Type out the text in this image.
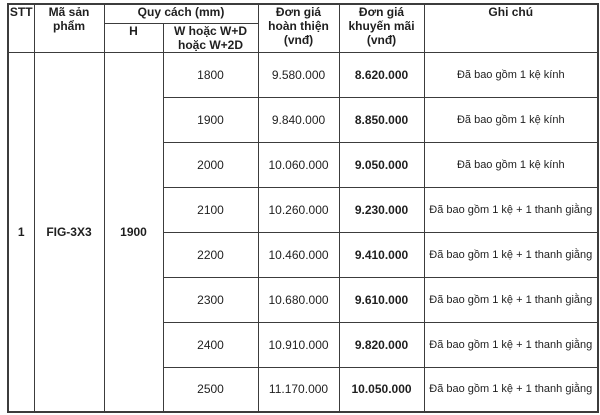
STT	Mã sản phẩm	Quy cách (mm)		Đơn giá hoàn thiện (vnđ)	Đơn giá khuyến mãi (vnđ)	Ghi chú
		H	W hoặc W+D hoặc W+2D			
1	FIG-3X3	1900	1800	9.580.000	8.620.000	Đã bao gồm 1 kệ kính
			1900	9.840.000	8.850.000	Đã bao gồm 1 kệ kính
			2000	10.060.000	9.050.000	Đã bao gồm 1 kệ kính
			2100	10.260.000	9.230.000	Đã bao gồm 1 kệ + 1 thanh giằng
			2200	10.460.000	9.410.000	Đã bao gồm 1 kệ + 1 thanh giằng
			2300	10.680.000	9.610.000	Đã bao gồm 1 kệ + 1 thanh giằng
			2400	10.910.000	9.820.000	Đã bao gồm 1 kệ + 1 thanh giằng
			2500	11.170.000	10.050.000	Đã bao gồm 1 kệ + 1 thanh giằng
